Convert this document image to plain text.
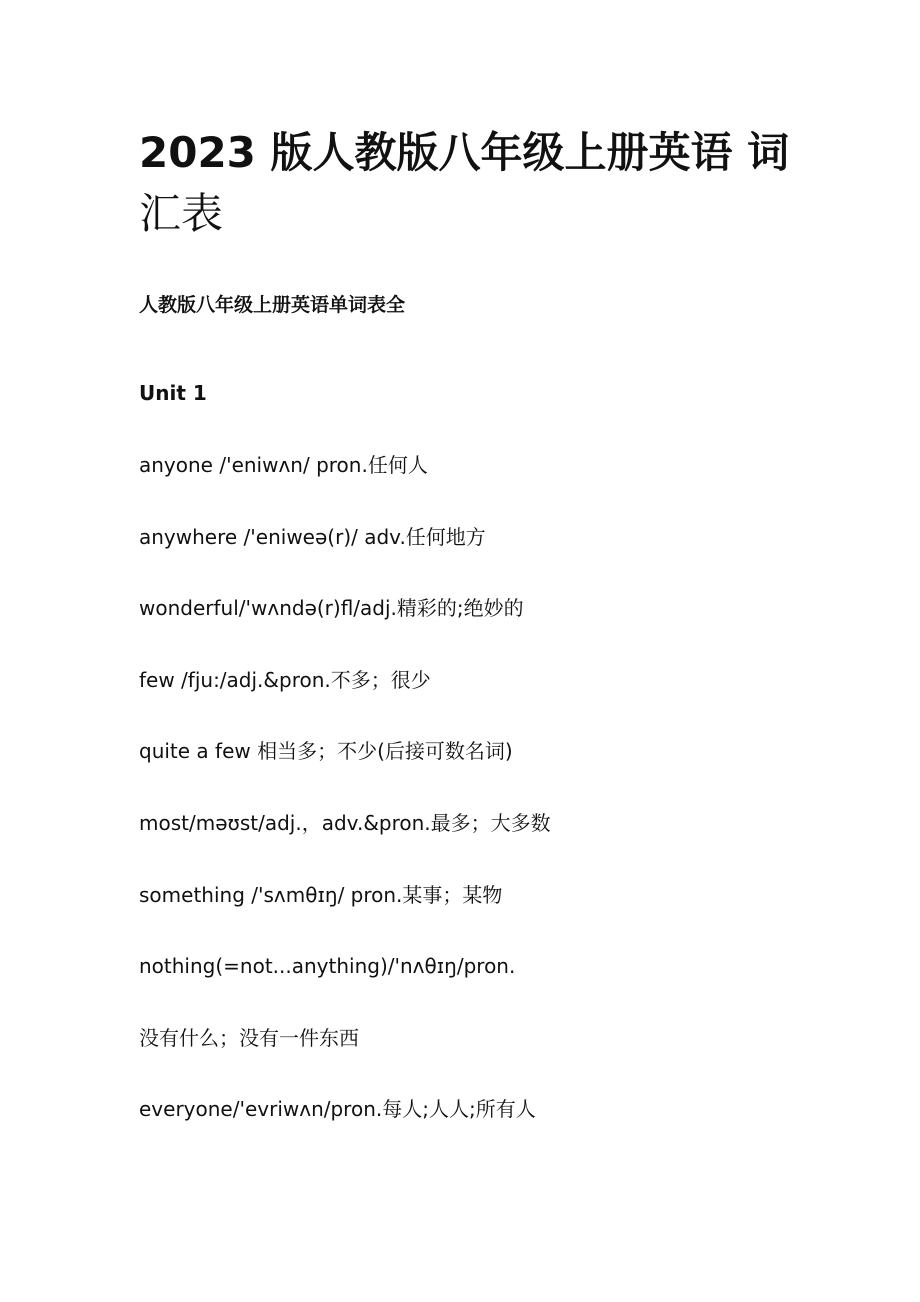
2023 版人教版八年级上册英语 词
汇表
人教版八年级上册英语单词表全
Unit 1
anyone /'eniwʌn/ pron.任何人
anywhere /'eniweə(r)/ adv.任何地方
wonderful/'wʌndə(r)fl/adj.精彩的;绝妙的
few /fju:/adj.&pron.不多；很少
quite a few 相当多；不少(后接可数名词)
most/məʊst/adj.，adv.&pron.最多；大多数
something /'sʌmθɪŋ/ pron.某事；某物
nothing(=not...anything)/'nʌθɪŋ/pron.
没有什么；没有一件东西
everyone/'evriwʌn/pron.每人;人人;所有人
